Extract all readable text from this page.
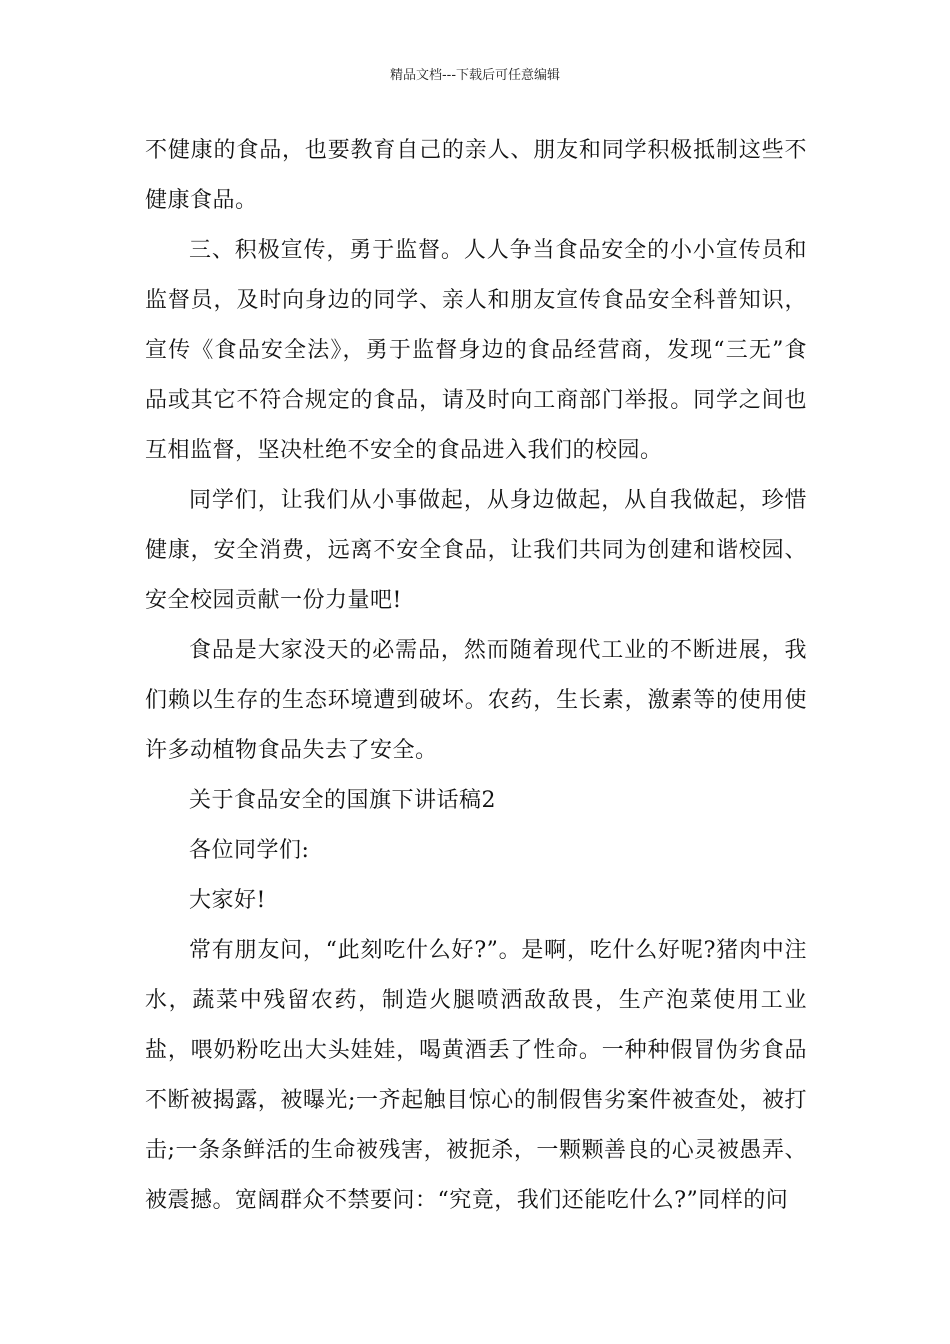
精品文档---下载后可任意编辑

不健康的食品，也要教育自己的亲人、朋友和同学积极抵制这些不健康食品。

三、积极宣传，勇于监督。人人争当食品安全的小小宣传员和监督员，及时向身边的同学、亲人和朋友宣传食品安全科普知识，宣传《食品安全法》，勇于监督身边的食品经营商，发现“三无”食品或其它不符合规定的食品，请及时向工商部门举报。同学之间也互相监督，坚决杜绝不安全的食品进入我们的校园。

同学们，让我们从小事做起，从身边做起，从自我做起，珍惜健康，安全消费，远离不安全食品，让我们共同为创建和谐校园、安全校园贡献一份力量吧!

食品是大家没天的必需品，然而随着现代工业的不断进展，我们赖以生存的生态环境遭到破坏。农药，生长素，激素等的使用使许多动植物食品失去了安全。

关于食品安全的国旗下讲话稿2

各位同学们:

大家好!

常有朋友问，“此刻吃什么好?”。是啊，吃什么好呢?猪肉中注水，蔬菜中残留农药，制造火腿喷洒敌敌畏，生产泡菜使用工业盐，喂奶粉吃出大头娃娃，喝黄酒丢了性命。一种种假冒伪劣食品不断被揭露，被曝光;一齐起触目惊心的制假售劣案件被查处，被打击;一条条鲜活的生命被残害，被扼杀，一颗颗善良的心灵被愚弄、被震撼。宽阔群众不禁要问：“究竟，我们还能吃什么?”同样的问
